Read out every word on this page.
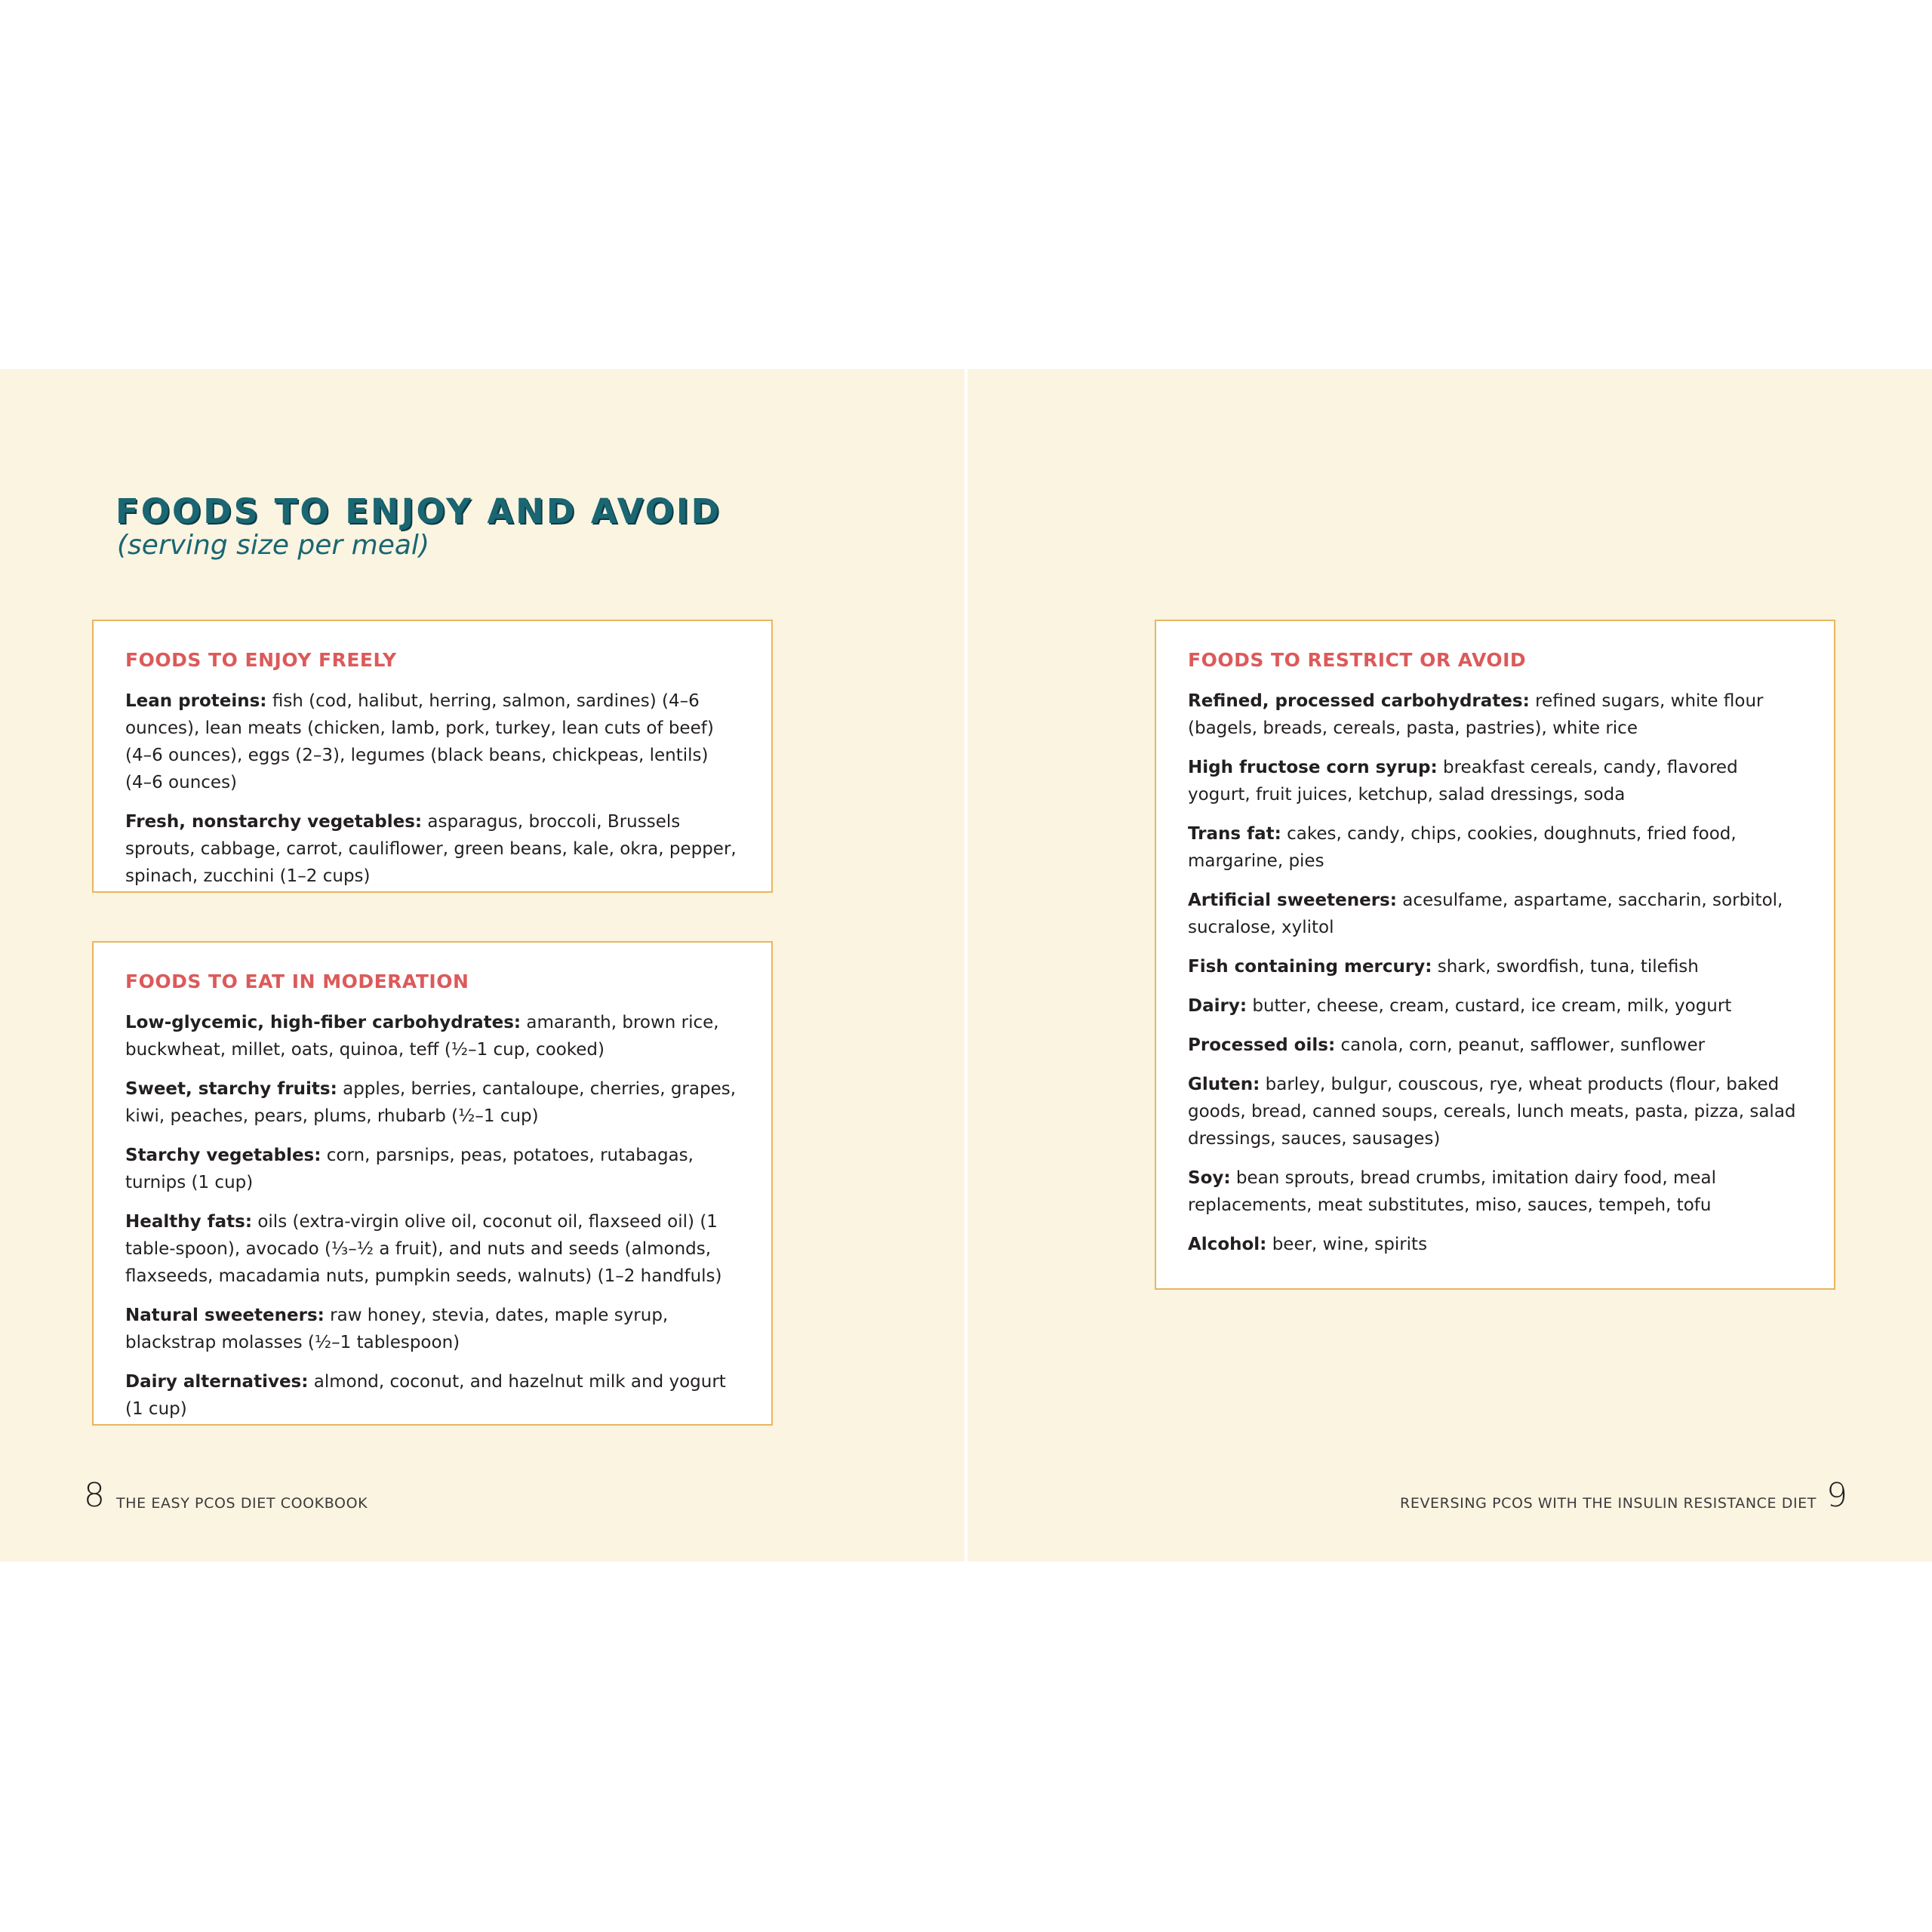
FOODS TO ENJOY AND AVOID

(serving size per meal)

FOODS TO ENJOY FREELY

Lean proteins: fish (cod, halibut, herring, salmon, sardines) (4–6 ounces), lean meats (chicken, lamb, pork, turkey, lean cuts of beef) (4–6 ounces), eggs (2–3), legumes (black beans, chickpeas, lentils) (4–6 ounces)

Fresh, nonstarchy vegetables: asparagus, broccoli, Brussels sprouts, cabbage, carrot, cauliflower, green beans, kale, okra, pepper, spinach, zucchini (1–2 cups)

FOODS TO EAT IN MODERATION

Low-glycemic, high-fiber carbohydrates: amaranth, brown rice, buckwheat, millet, oats, quinoa, teff (½–1 cup, cooked)

Sweet, starchy fruits: apples, berries, cantaloupe, cherries, grapes, kiwi, peaches, pears, plums, rhubarb (½–1 cup)

Starchy vegetables: corn, parsnips, peas, potatoes, rutabagas, turnips (1 cup)

Healthy fats: oils (extra-virgin olive oil, coconut oil, flaxseed oil) (1 table-spoon), avocado (⅓–½ a fruit), and nuts and seeds (almonds, flaxseeds, macadamia nuts, pumpkin seeds, walnuts) (1–2 handfuls)

Natural sweeteners: raw honey, stevia, dates, maple syrup, blackstrap molasses (½–1 tablespoon)

Dairy alternatives: almond, coconut, and hazelnut milk and yogurt (1 cup)

FOODS TO RESTRICT OR AVOID

Refined, processed carbohydrates: refined sugars, white flour (bagels, breads, cereals, pasta, pastries), white rice

High fructose corn syrup: breakfast cereals, candy, flavored yogurt, fruit juices, ketchup, salad dressings, soda

Trans fat: cakes, candy, chips, cookies, doughnuts, fried food, margarine, pies

Artificial sweeteners: acesulfame, aspartame, saccharin, sorbitol, sucralose, xylitol

Fish containing mercury: shark, swordfish, tuna, tilefish

Dairy: butter, cheese, cream, custard, ice cream, milk, yogurt

Processed oils: canola, corn, peanut, safflower, sunflower

Gluten: barley, bulgur, couscous, rye, wheat products (flour, baked goods, bread, canned soups, cereals, lunch meats, pasta, pizza, salad dressings, sauces, sausages)

Soy: bean sprouts, bread crumbs, imitation dairy food, meal replacements, meat substitutes, miso, sauces, tempeh, tofu

Alcohol: beer, wine, spirits

8 THE EASY PCOS DIET COOKBOOK	REVERSING PCOS WITH THE INSULIN RESISTANCE DIET 9
